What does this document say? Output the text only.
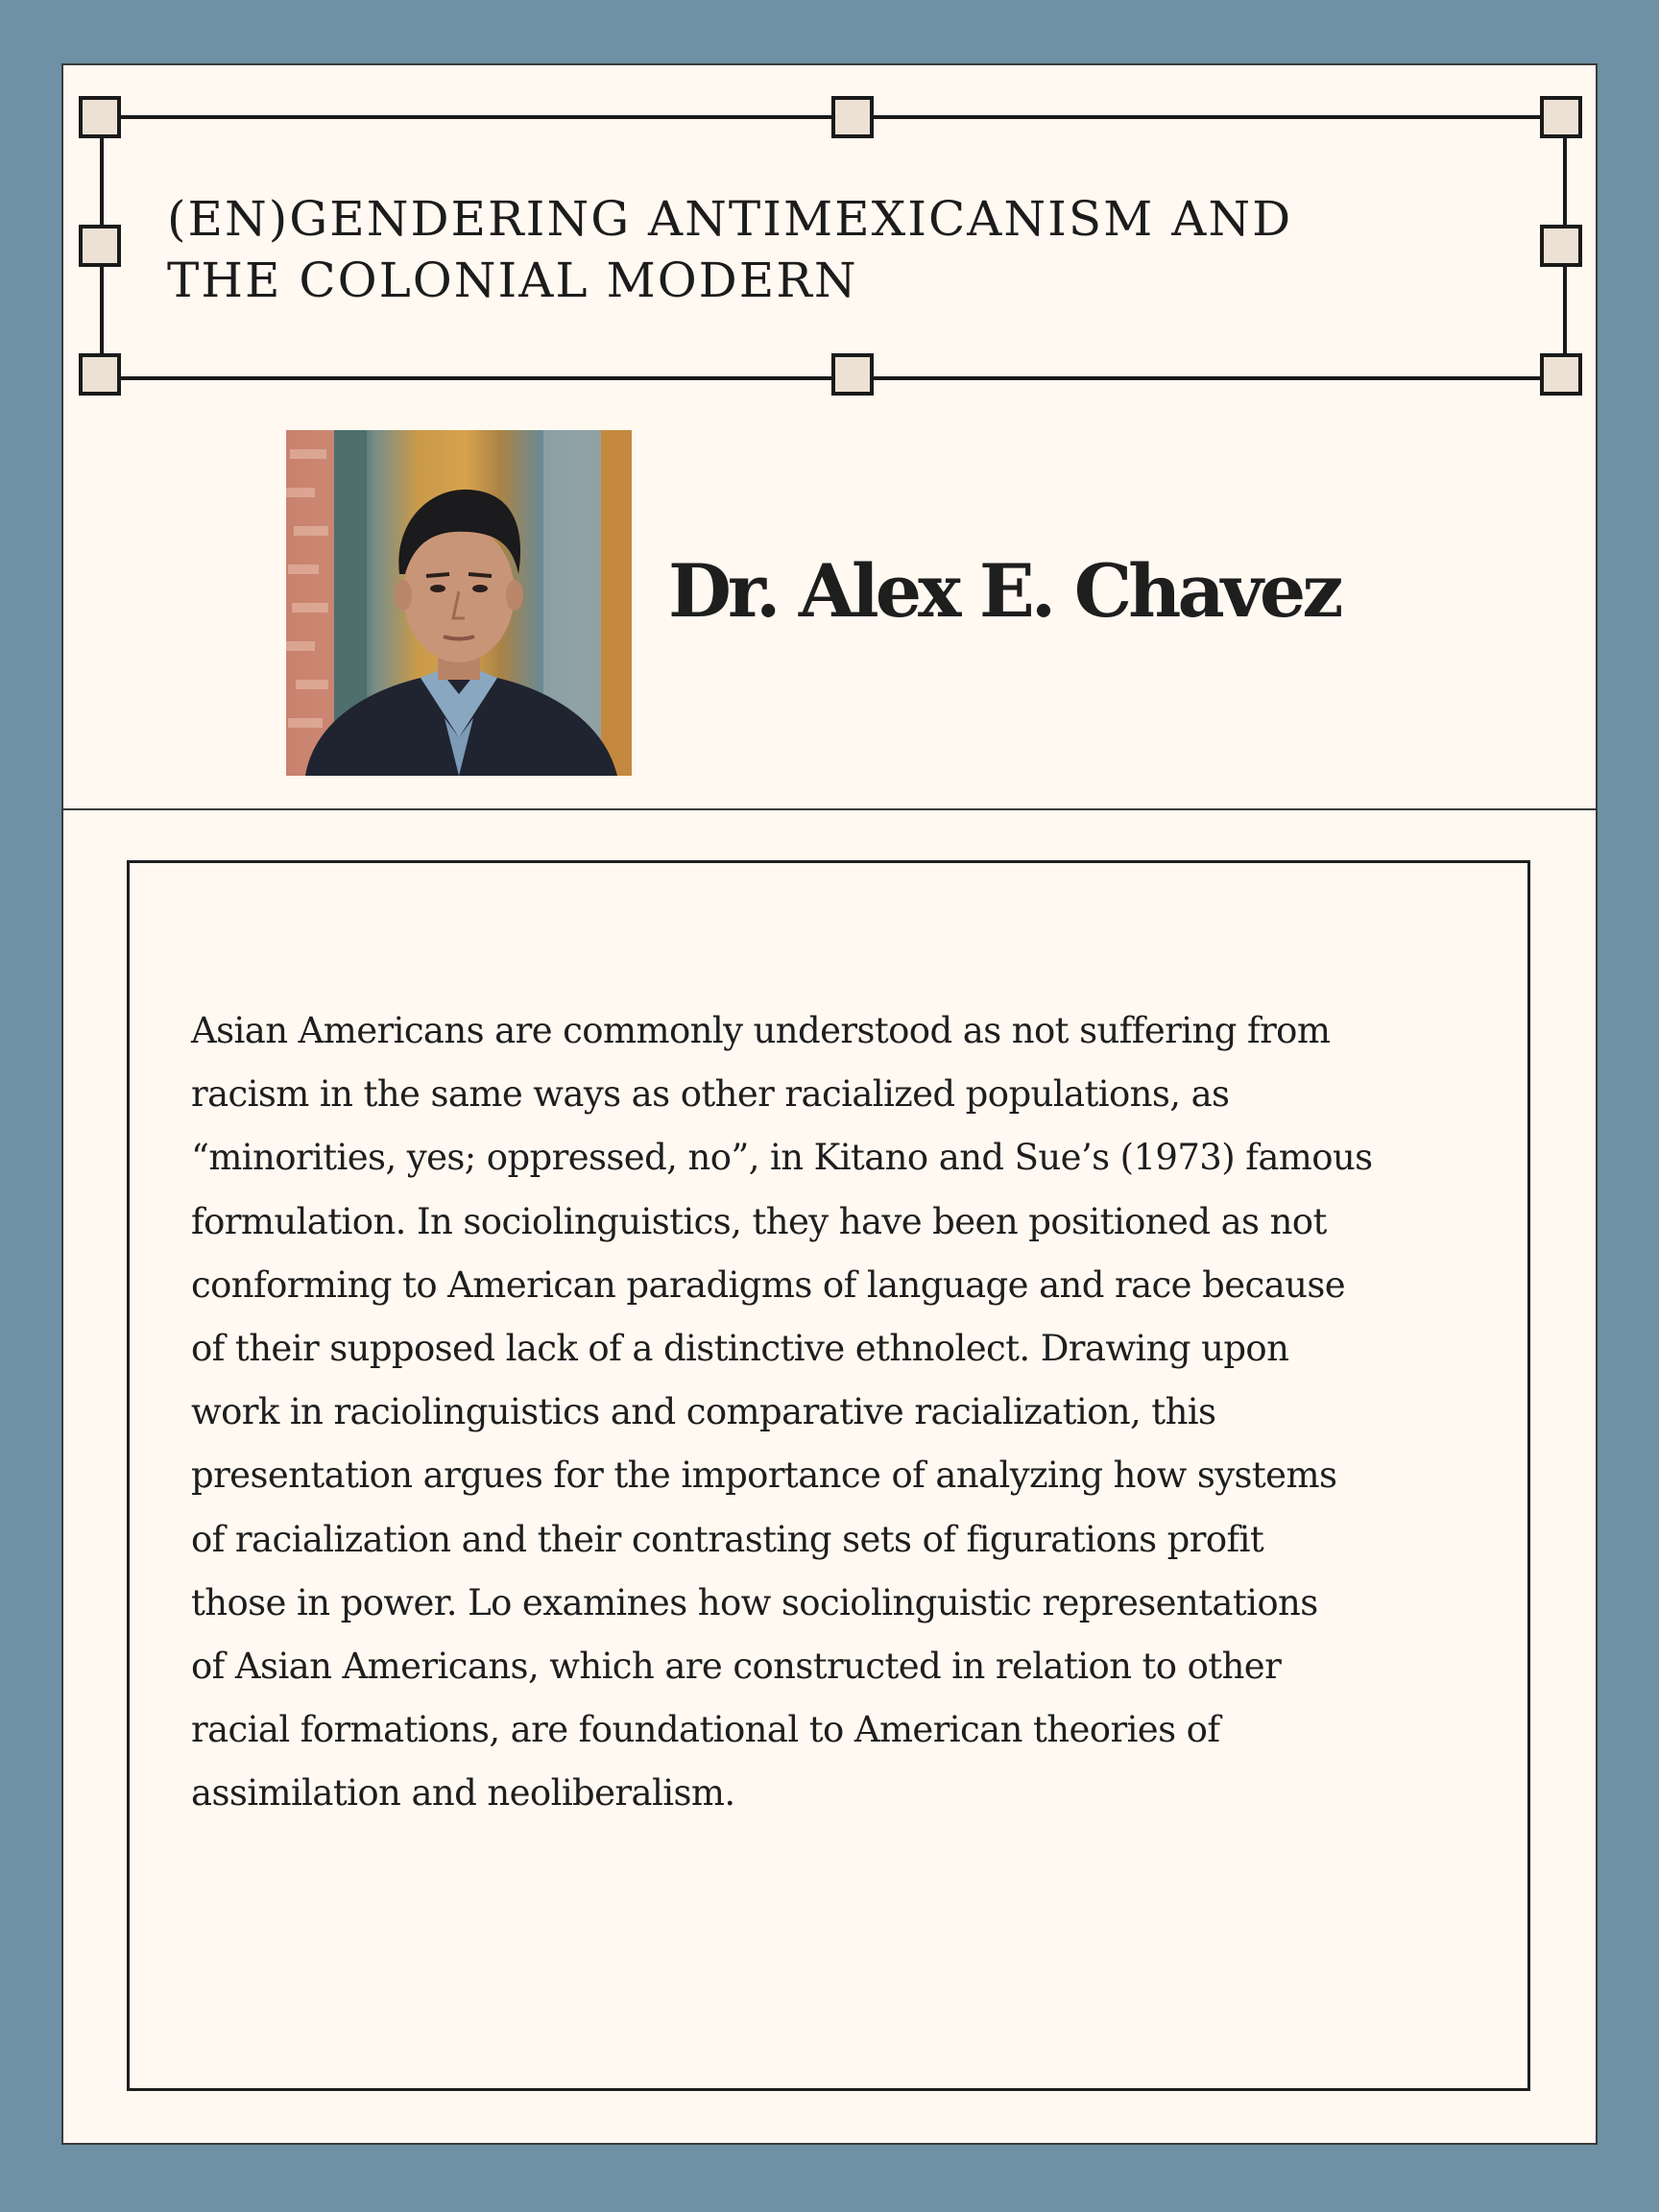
(EN)GENDERING ANTIMEXICANISM AND THE COLONIAL MODERN
Dr. Alex E. Chavez

Asian Americans are commonly understood as not suffering from
racism in the same ways as other racialized populations, as
“minorities, yes; oppressed, no”, in Kitano and Sue’s (1973) famous
formulation. In sociolinguistics, they have been positioned as not
conforming to American paradigms of language and race because
of their supposed lack of a distinctive ethnolect. Drawing upon
work in raciolinguistics and comparative racialization, this
presentation argues for the importance of analyzing how systems
of racialization and their contrasting sets of figurations profit
those in power. Lo examines how sociolinguistic representations
of Asian Americans, which are constructed in relation to other
racial formations, are foundational to American theories of
assimilation and neoliberalism.
